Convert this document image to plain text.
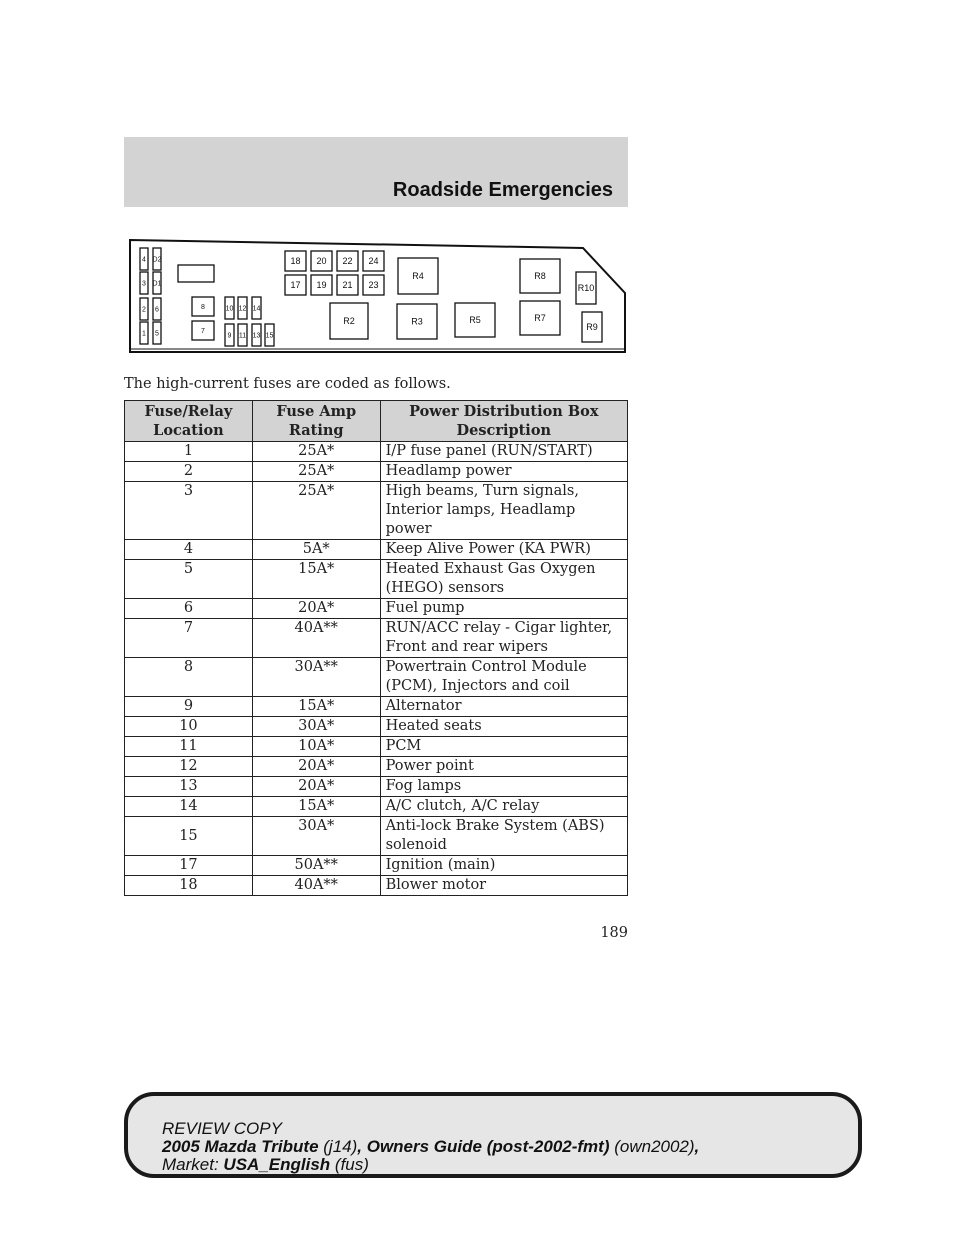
Roadside Emergencies
4 D2
3 D1
2 6
1 5
8
7
10 12 14
9 11 13 15
18 20 22 24
17 19 21 23
R4	R8
R10
R2	R3	R5	R7
R9
The high-current fuses are coded as follows.
Fuse/Relay Location	Fuse Amp Rating	Power Distribution Box Description
1	25A*	I/P fuse panel (RUN/START)
2	25A*	Headlamp power
3	25A*	High beams, Turn signals, Interior lamps, Headlamp power
4	5A*	Keep Alive Power (KA PWR)
5	15A*	Heated Exhaust Gas Oxygen (HEGO) sensors
6	20A*	Fuel pump
7	40A**	RUN/ACC relay - Cigar lighter, Front and rear wipers
8	30A**	Powertrain Control Module (PCM), Injectors and coil
9	15A*	Alternator
10	30A*	Heated seats
11	10A*	PCM
12	20A*	Power point
13	20A*	Fog lamps
14	15A*	A/C clutch, A/C relay
15	30A*	Anti-lock Brake System (ABS) solenoid
17	50A**	Ignition (main)
18	40A**	Blower motor
189
REVIEW COPY
2005 Mazda Tribute (j14), Owners Guide (post-2002-fmt) (own2002),
Market: USA_English (fus)
